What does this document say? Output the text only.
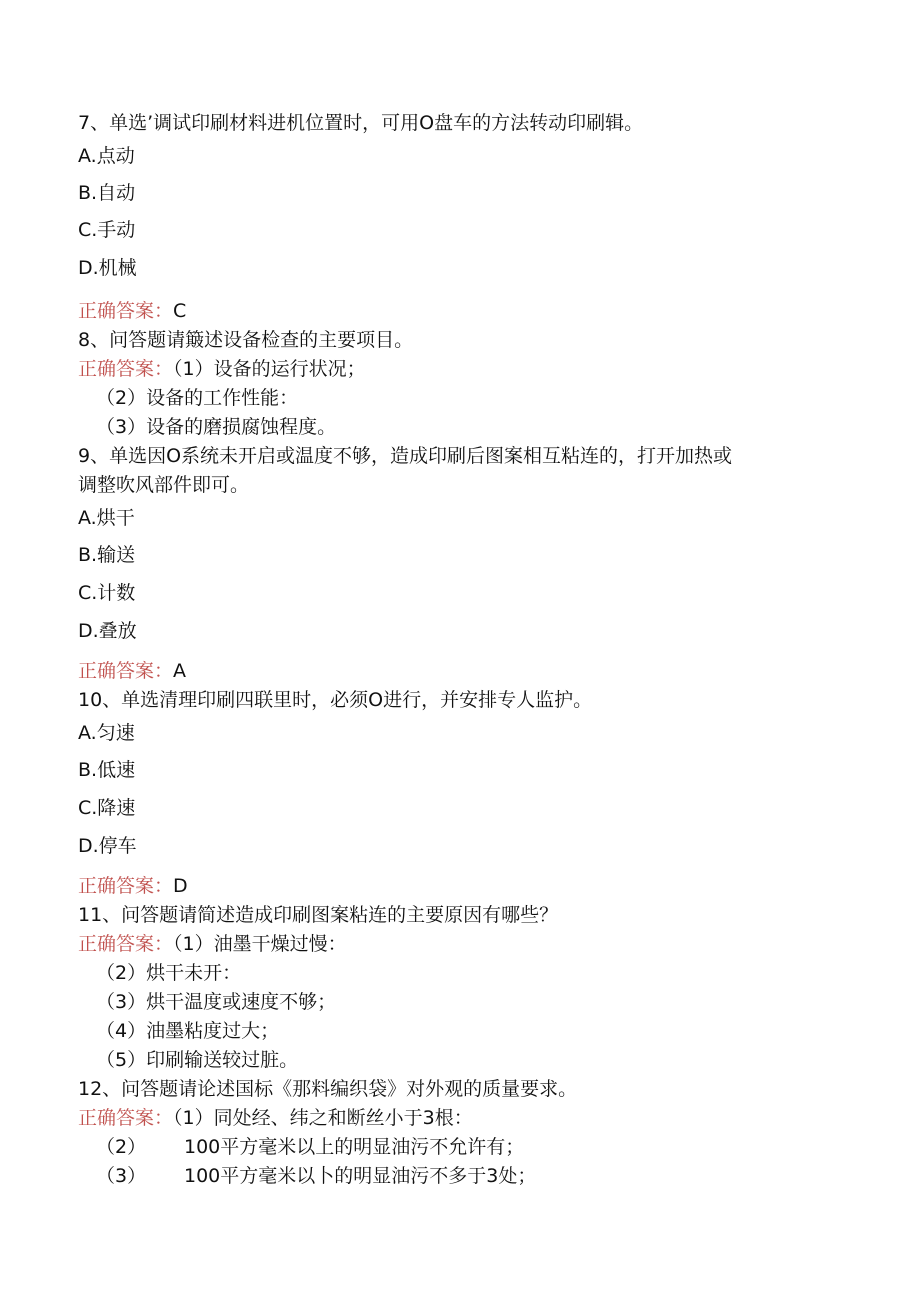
7、单选’调试印刷材料进机位置时，可用O盘车的方法转动印刷辑。
A.点动
B.自动
C.手动
D.机械
正确答案：C
8、问答题请簸述设备检查的主要项目。
正确答案：（1）设备的运行状况；
（2）设备的工作性能：
（3）设备的磨损腐蚀程度。
9、单选因O系统未开启或温度不够，造成印刷后图案相互粘连的，打开加热或
调整吹风部件即可。
A.烘干
B.输送
C.计数
D.叠放
正确答案：A
10、单选清理印刷四联里时，必须O进行，并安排专人监护。
A.匀速
B.低速
C.降速
D.停车
正确答案：D
11、问答题请简述造成印刷图案粘连的主要原因有哪些？
正确答案：（1）油墨干燥过慢：
（2）烘干未开：
（3）烘干温度或速度不够；
（4）油墨粘度过大；
（5）印刷输送较过脏。
12、问答题请论述国标《那料编织袋》对外观的质量要求。
正确答案：（1）同处经、纬之和断丝小于3根：
（2） 100平方毫米以上的明显油污不允许有；
（3） 100平方毫米以卜的明显油污不多于3处；
